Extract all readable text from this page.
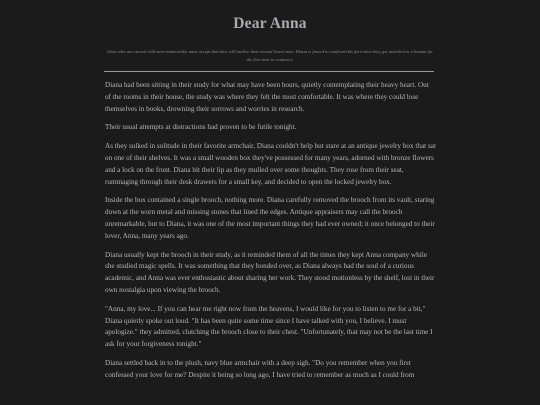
Dear Anna
those who are cursed with near-immortality must accept that they will outlive their mortal loved ones. Diana is forced to confront this fact when they got attached to a human for the first time in centuries.

Diana had been sitting in their study for what may have been hours, quietly contemplating their heavy heart. Out of the rooms in their house, the study was where they felt the most comfortable. It was where they could lose themselves in books, drowning their sorrows and worries in research.

Their usual attempts at distractions had proven to be futile tonight.

As they sulked in solitude in their favorite armchair, Diana couldn't help but stare at an antique jewelry box that sat on one of their shelves. It was a small wooden box they've possessed for many years, adorned with bronze flowers and a lock on the front. Diana bit their lip as they mulled over some thoughts. They rose from their seat, rummaging through their desk drawers for a small key, and decided to open the locked jewelry box.

Inside the box contained a single brooch, nothing more. Diana carefully removed the brooch from its vault, staring down at the worn metal and missing stones that lined the edges. Antique appraisers may call the brooch unremarkable, but to Diana, it was one of the most important things they had ever owned; it once belonged to their lover, Anna, many years ago.

Diana usually kept the brooch in their study, as it reminded them of all the times they kept Anna company while she studied magic spells. It was something that they bonded over, as Diana always had the soul of a curious academic, and Anna was ever enthusiastic about sharing her work. They stood motionless by the shelf, lost in their own nostalgia upon viewing the brooch.

"Anna, my love... If you can hear me right now from the heavens, I would like for you to listen to me for a bit," Diana quietly spoke out loud. "It has been quite some time since I have talked with you, I believe. I must apologize." they admitted, clutching the brooch close to their chest. "Unfortunately, that may not be the last time I ask for your forgiveness tonight."

Diana settled back in to the plush, navy blue armchair with a deep sigh. "Do you remember when you first confessed your love for me? Despite it being so long ago, I have tried to remember as much as I could from
